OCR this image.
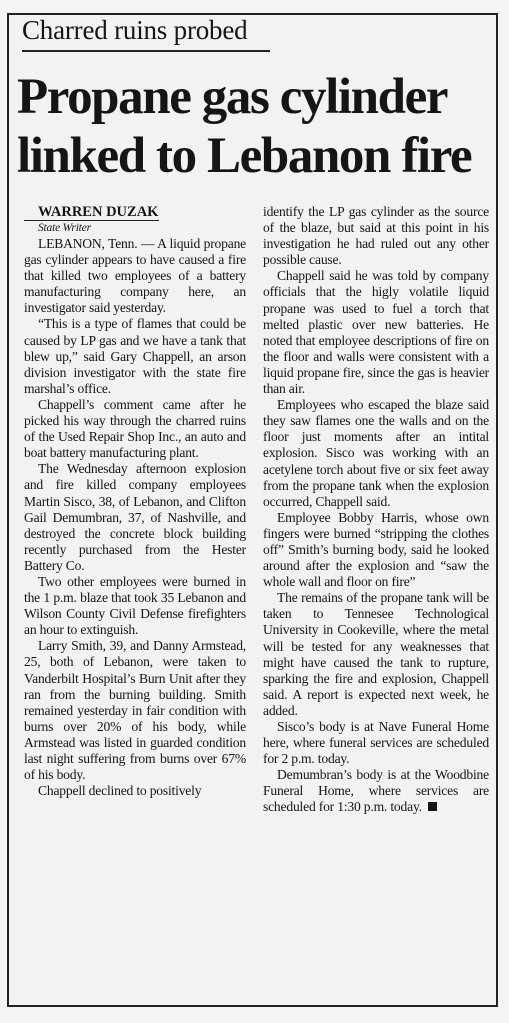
Charred ruins probed
Propane gas cylinder
linked to Lebanon fire

WARREN DUZAK

State Writer

LEBANON, Tenn. — A liquid propane gas cylinder appears to have caused a fire that killed two employees of a battery manufacturing company here, an investigator said yesterday.

“This is a type of flames that could be caused by LP gas and we have a tank that blew up,” said Gary Chappell, an arson division investigator with the state fire marshal’s office.

Chappell’s comment came after he picked his way through the charred ruins of the Used Repair Shop Inc., an auto and boat battery manufacturing plant.

The Wednesday afternoon explosion and fire killed company employees Martin Sisco, 38, of Lebanon, and Clifton Gail Demumbran, 37, of Nashville, and destroyed the concrete block building recently purchased from the Hester Battery Co.

Two other employees were burned in the 1 p.m. blaze that took 35 Lebanon and Wilson County Civil Defense firefighters an hour to extinguish.

Larry Smith, 39, and Danny Armstead, 25, both of Lebanon, were taken to Vanderbilt Hospital’s Burn Unit after they ran from the burning building. Smith remained yesterday in fair condition with burns over 20% of his body, while Armstead was listed in guarded condition last night suffering from burns over 67% of his body.

Chappell declined to positively

identify the LP gas cylinder as the source of the blaze, but said at this point in his investigation he had ruled out any other possible cause.

Chappell said he was told by company officials that the higly volatile liquid propane was used to fuel a torch that melted plastic over new batteries. He noted that employee descriptions of fire on the floor and walls were consistent with a liquid propane fire, since the gas is heavier than air.

Employees who escaped the blaze said they saw flames one the walls and on the floor just moments after an intital explosion. Sisco was working with an acetylene torch about five or six feet away from the propane tank when the explosion occurred, Chappell said.

Employee Bobby Harris, whose own fingers were burned “stripping the clothes off” Smith’s burning body, said he looked around after the explosion and “saw the whole wall and floor on fire”

The remains of the propane tank will be taken to Tennesee Technological University in Cookeville, where the metal will be tested for any weaknesses that might have caused the tank to rupture, sparking the fire and explosion, Chappell said. A report is expected next week, he added.

Sisco’s body is at Nave Funeral Home here, where funeral services are scheduled for 2 p.m. today.

Demumbran’s body is at the Woodbine Funeral Home, where services are scheduled for 1:30 p.m. today.
